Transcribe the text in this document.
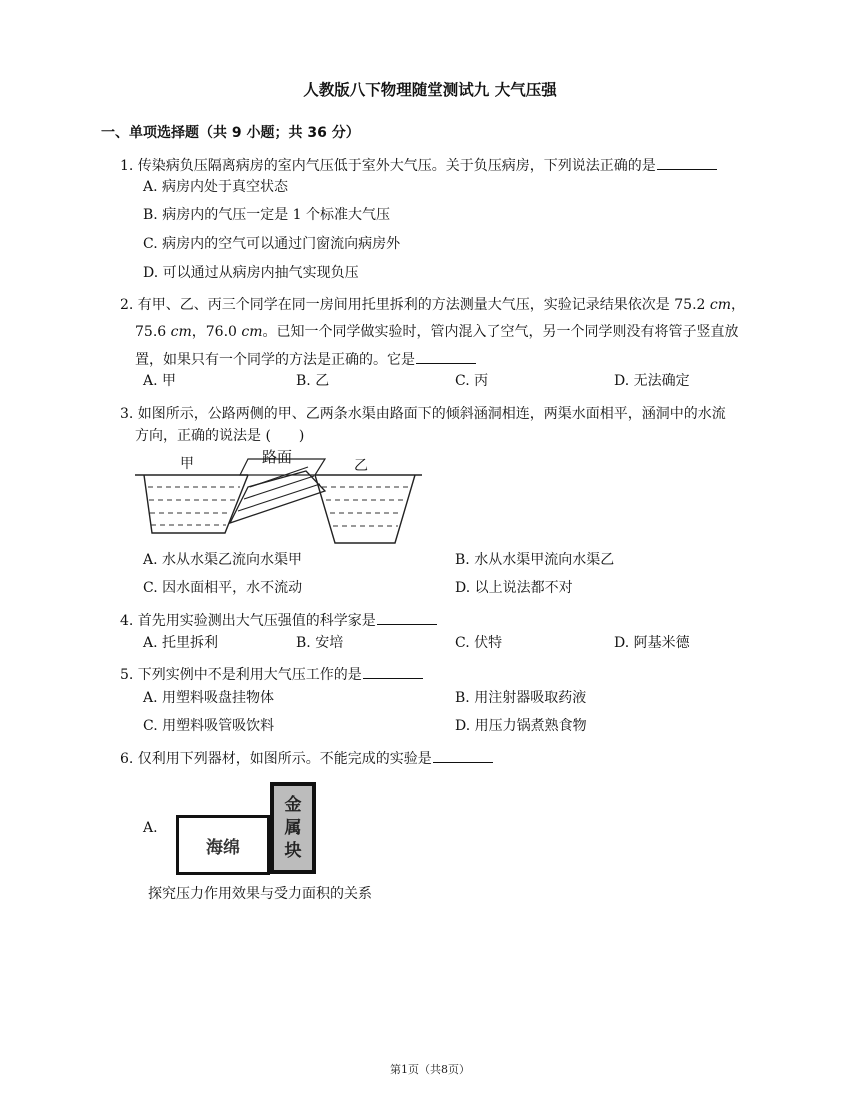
人教版八下物理随堂测试九 大气压强
一、单项选择题（共 9 小题；共 36 分）
1. 传染病负压隔离病房的室内气压低于室外大气压。关于负压病房，下列说法正确的是
A. 病房内处于真空状态
B. 病房内的气压一定是 1 个标准大气压
C. 病房内的空气可以通过门窗流向病房外
D. 可以通过从病房内抽气实现负压
2. 有甲、乙、丙三个同学在同一房间用托里拆利的方法测量大气压，实验记录结果依次是 75.2 cm，
75.6 cm，76.0 cm。已知一个同学做实验时，管内混入了空气，另一个同学则没有将管子竖直放
置，如果只有一个同学的方法是正确的。它是
A. 甲	B. 乙	C. 丙	D. 无法确定
3. 如图所示，公路两侧的甲、乙两条水渠由路面下的倾斜涵洞相连，两渠水面相平，涵洞中的水流
方向，正确的说法是 ( )
甲	路面	乙
A. 水从水渠乙流向水渠甲	B. 水从水渠甲流向水渠乙
C. 因水面相平，水不流动	D. 以上说法都不对
4. 首先用实验测出大气压强值的科学家是
A. 托里拆利	B. 安培	C. 伏特	D. 阿基米德
5. 下列实例中不是利用大气压工作的是
A. 用塑料吸盘挂物体	B. 用注射器吸取药液
C. 用塑料吸管吸饮料	D. 用压力锅煮熟食物
6. 仅利用下列器材，如图所示。不能完成的实验是
A.
海绵
金
属
块
探究压力作用效果与受力面积的关系
第1页（共8页）
